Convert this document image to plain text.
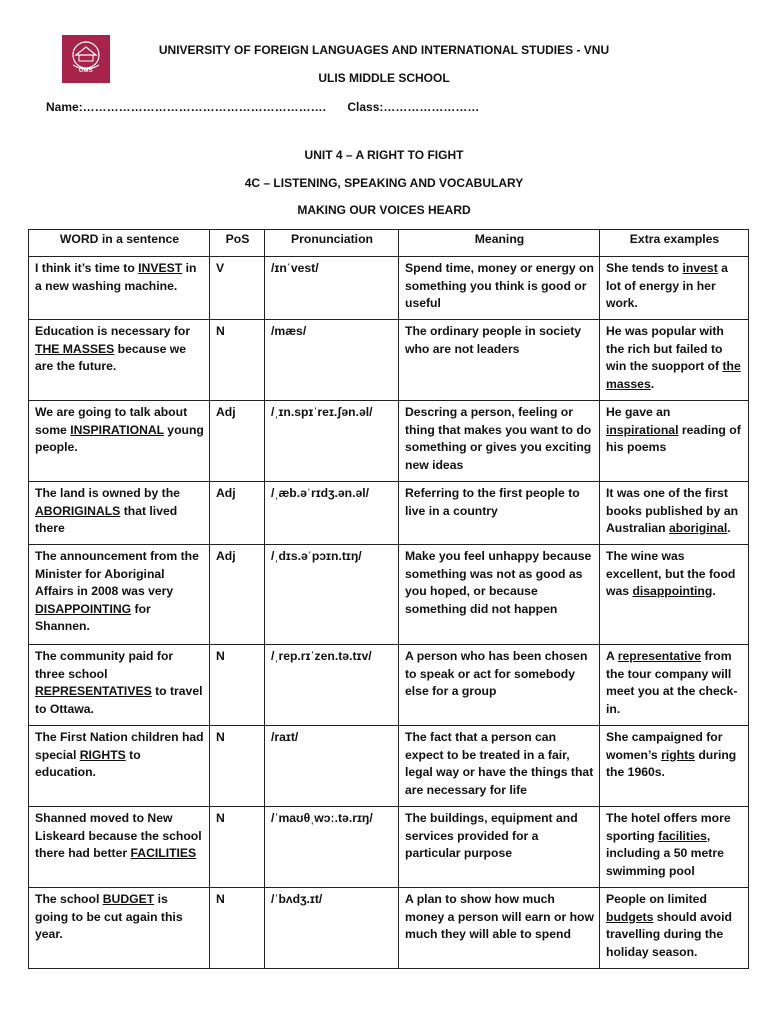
UMS
UNIVERSITY OF FOREIGN LANGUAGES AND INTERNATIONAL STUDIES - VNU
ULIS MIDDLE SCHOOL
Name:……………………………………………………. Class:……………………
UNIT 4 – A RIGHT TO FIGHT
4C – LISTENING, SPEAKING AND VOCABULARY
MAKING OUR VOICES HEARD
WORD in a sentence	PoS	Pronunciation	Meaning	Extra examples
I think it’s time to INVEST in a new washing machine.	V	/ɪnˈvest/	Spend time, money or energy on something you think is good or useful	She tends to invest a lot of energy in her work.
Education is necessary for THE MASSES because we are the future.	N	/mæs/	The ordinary people in society who are not leaders	He was popular with the rich but failed to win the suopport of the masses.
We are going to talk about some INSPIRATIONAL young people.	Adj	/ˌɪn.spɪˈreɪ.ʃən.əl/	Descring a person, feeling or thing that makes you want to do something or gives you exciting new ideas	He gave an inspirational reading of his poems
The land is owned by the ABORIGINALS that lived there	Adj	/ˌæb.əˈrɪdʒ.ən.əl/	Referring to the first people to live in a country	It was one of the first books published by an Australian aboriginal.
The announcement from the Minister for Aboriginal Affairs in 2008 was very DISAPPOINTING for Shannen.	Adj	/ˌdɪs.əˈpɔɪn.tɪŋ/	Make you feel unhappy because something was not as good as you hoped, or because something did not happen	The wine was excellent, but the food was disappointing.
The community paid for three school REPRESENTATIVES to travel to Ottawa.	N	/ˌrep.rɪˈzen.tə.tɪv/	A person who has been chosen to speak or act for somebody else for a group	A representative from the tour company will meet you at the check-in.
The First Nation children had special RIGHTS to education.	N	/raɪt/	The fact that a person can expect to be treated in a fair, legal way or have the things that are necessary for life	She campaigned for women’s rights during the 1960s.
Shanned moved to New Liskeard because the school there had better FACILITIES	N	/ˈmaʊθˌwɔː.tə.rɪŋ/	The buildings, equipment and services provided for a particular purpose	The hotel offers more sporting facilities, including a 50 metre swimming pool
The school BUDGET is going to be cut again this year.	N	/ˈbʌdʒ.ɪt/	A plan to show how much money a person will earn or how much they will able to spend	People on limited budgets should avoid travelling during the holiday season.
